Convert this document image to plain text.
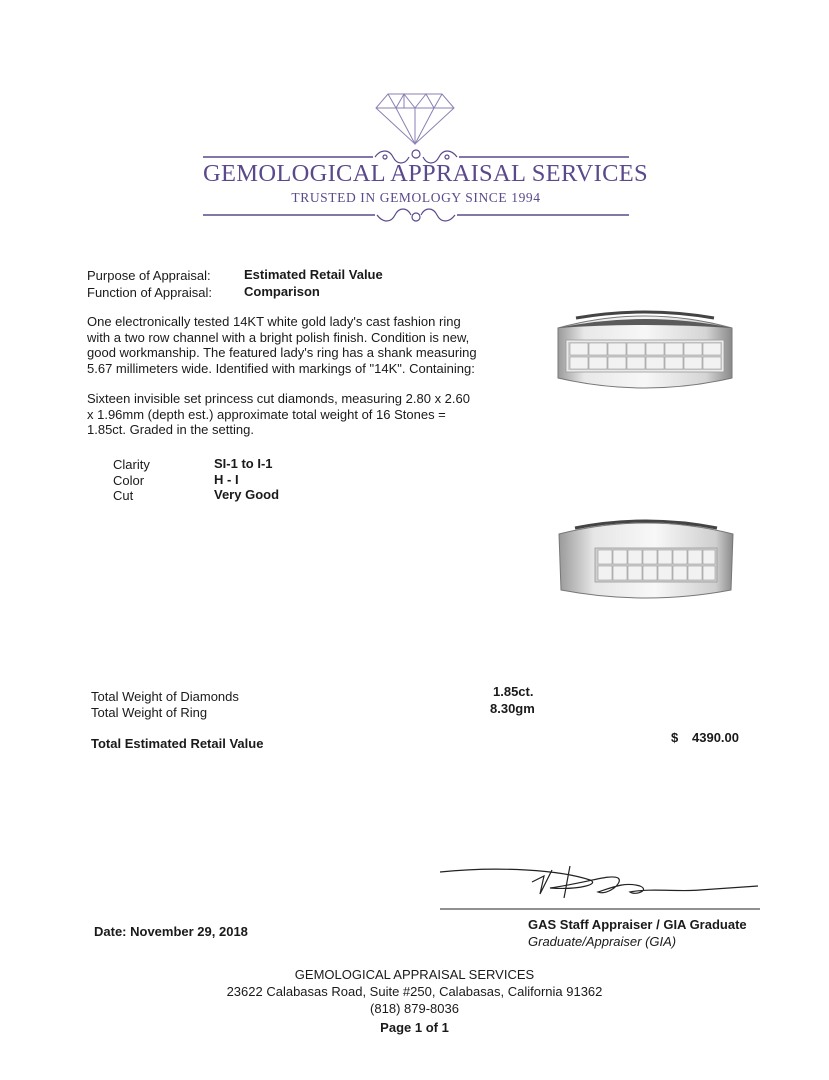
GEMOLOGICAL APPRAISAL SERVICES
TRUSTED IN GEMOLOGY SINCE 1994
Purpose of Appraisal:	Estimated Retail Value
Function of Appraisal: Comparison
One electronically tested 14KT white gold lady's cast fashion ring
with a two row channel with a bright polish finish. Condition is new,
good workmanship. The featured lady's ring has a shank measuring
5.67 millimeters wide. Identified with markings of "14K". Containing:
Sixteen invisible set princess cut diamonds, measuring 2.80 x 2.60
x 1.96mm (depth est.) approximate total weight of 16 Stones =
1.85ct. Graded in the setting.
Clarity	SI-1 to I-1
Color	H - I
Cut	Very Good
Total Weight of Diamonds	1.85ct.
Total Weight of Ring	8.30gm
Total Estimated Retail Value	$ 4390.00
Date: November 29, 2018	GAS Staff Appraiser / GIA Graduate
Graduate/Appraiser (GIA)
GEMOLOGICAL APPRAISAL SERVICES
23622 Calabasas Road, Suite #250, Calabasas, California 91362
(818) 879-8036
Page 1 of 1
